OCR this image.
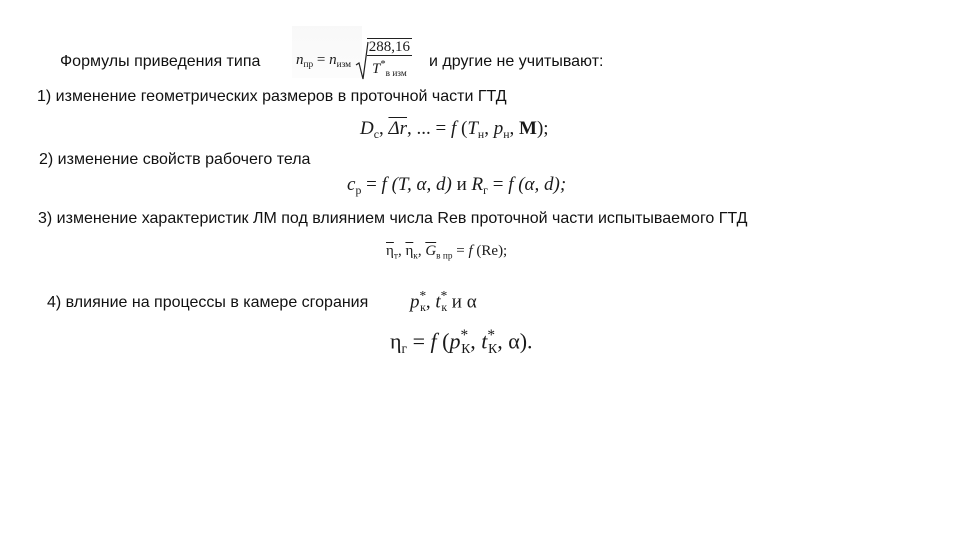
Формулы приведения типа $n_{пр} = n_{изм} \frac{288,16}{T^*_{в изм}}$ и другие не учитывают:
1) изменение геометрических размеров в проточной части ГТД
$D_с$, $\overline{\Delta r}$, ... = f ($T_н$, $p_н$, M);
2) изменение свойств рабочего тела
$c_p = f$ (T, α, d) и $R_г = f$ (α, d);
3) изменение характеристик ЛМ под влиянием числа Reв проточной части испытываемого ГТД
$\overline{\eta}_т$, $\overline{\eta}_к$, $\overline{G}_{в пр} = f$ (Re);
4) влияние на процессы в камере сгорания $p^*_к$, $t^*_к$ и α
$\eta_г = f$ ($p^*_К$, $t^*_К$, α).
